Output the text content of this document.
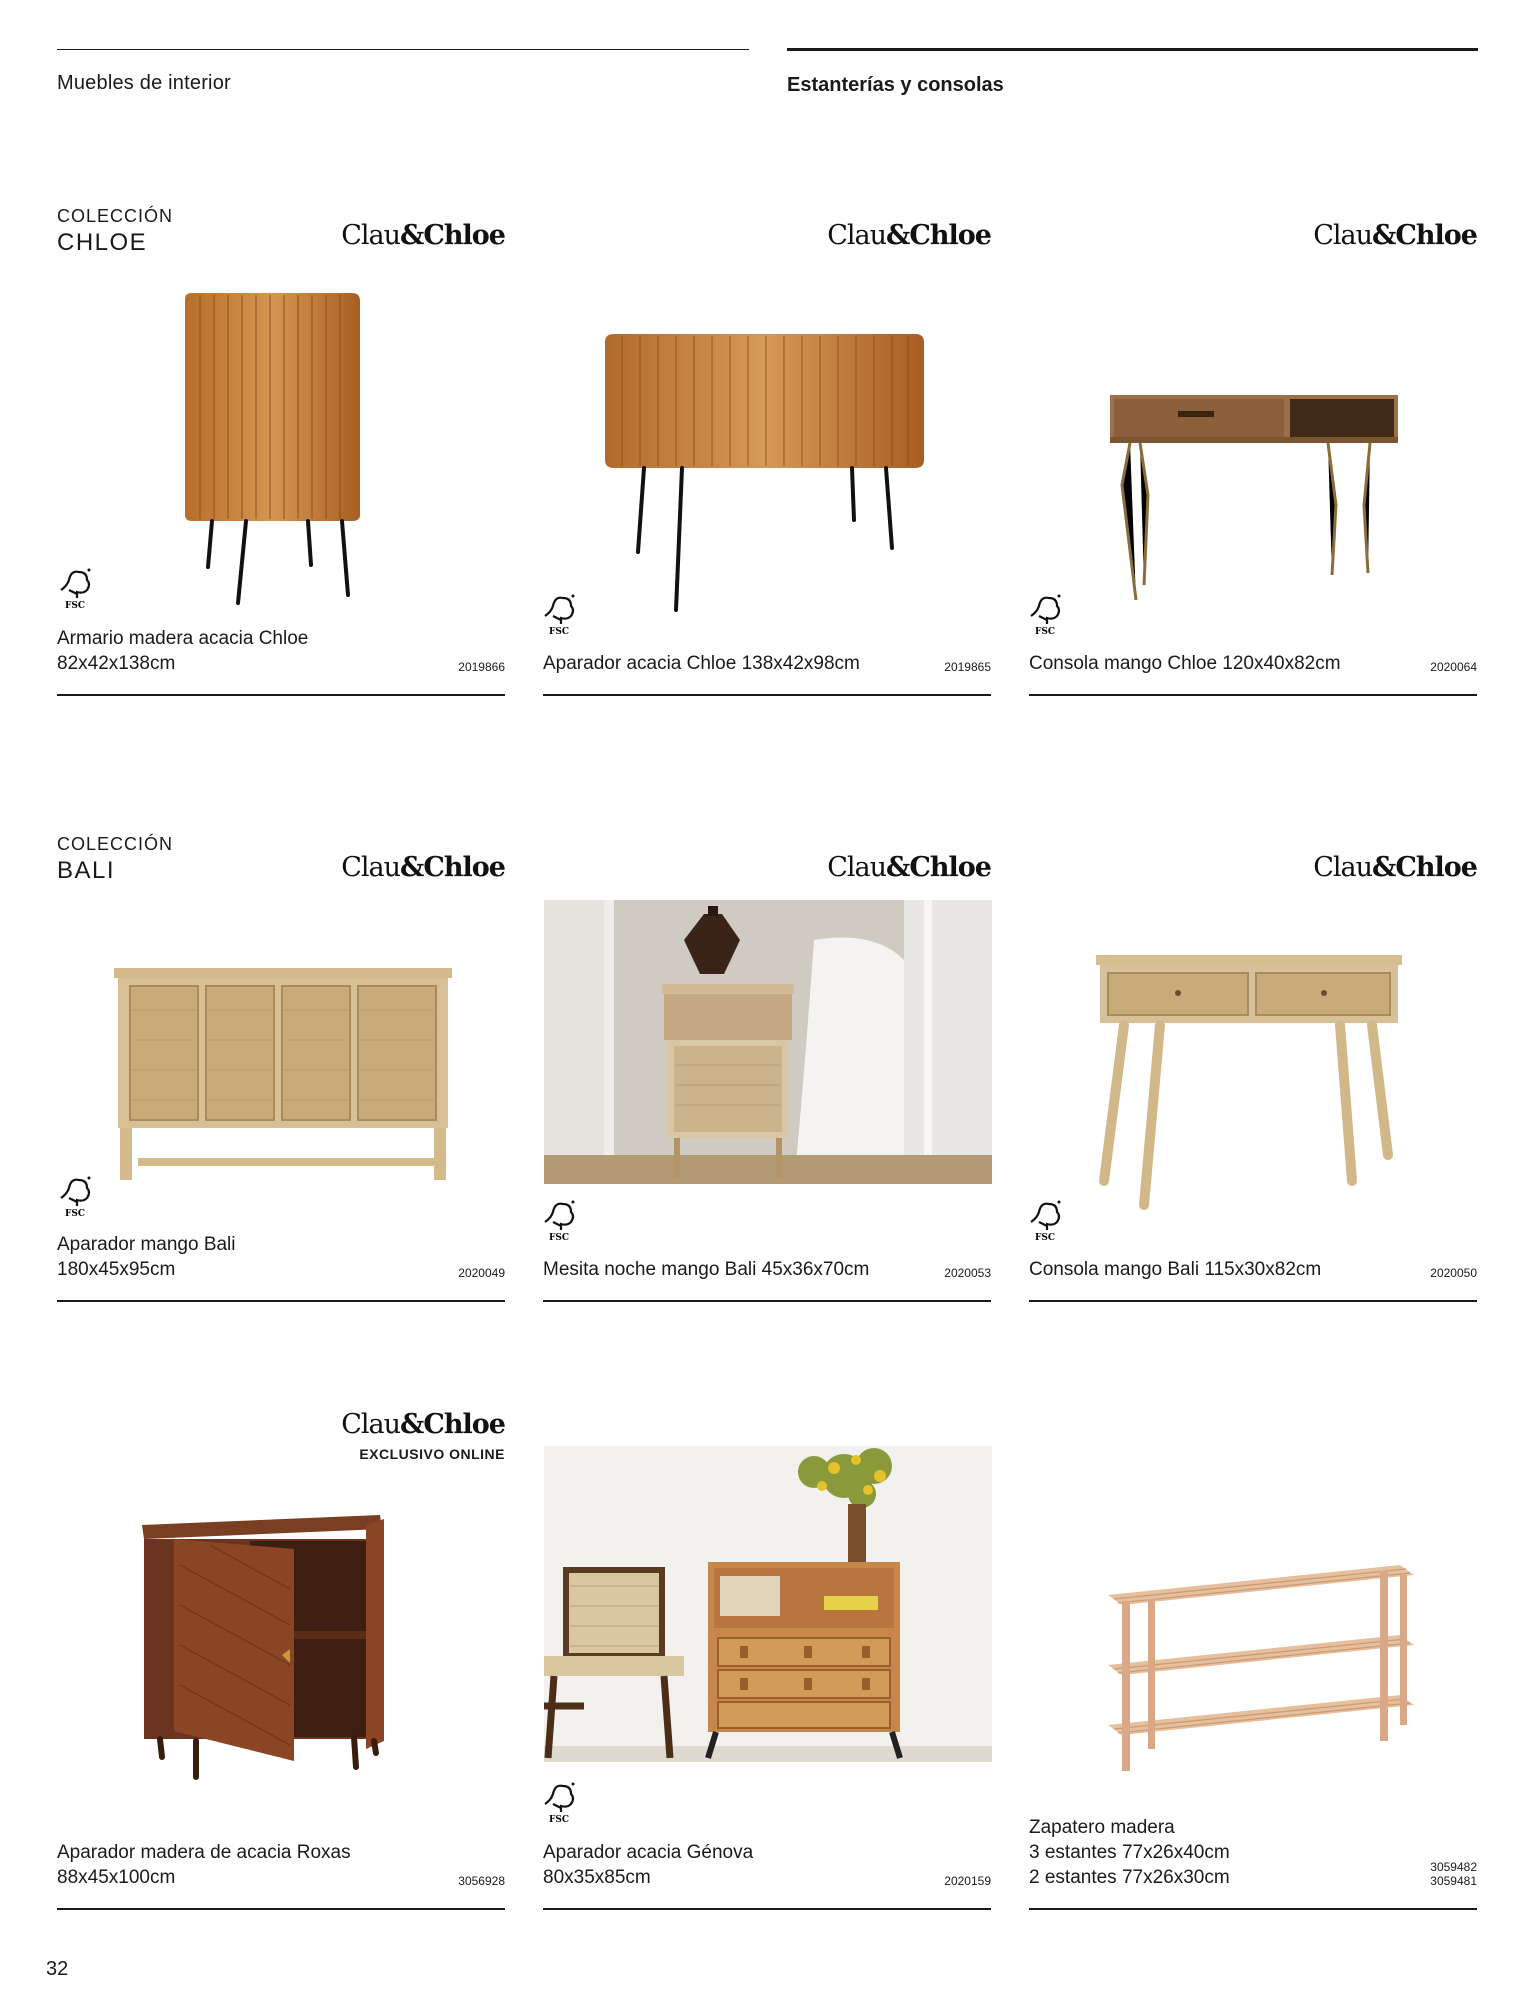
Muebles de interior	Estanterías y consolas
COLECCIÓN
CHLOE
COLECCIÓN
BALI
Clau&Chloe	Clau&Chloe	Clau&Chloe
Clau&Chloe	Clau&Chloe	Clau&Chloe
Clau&Chloe
EXCLUSIVO ONLINE
FSC
FSC	FSC
FSC
FSC	FSC
FSC
Armario madera acacia Chloe
82x42x138cm	2019866 Aparador acacia Chloe 138x42x98cm	2019865 Consola mango Chloe 120x40x82cm	2020064
Aparador mango Bali
180x45x95cm	2020049 Mesita noche mango Bali 45x36x70cm	2020053 Consola mango Bali 115x30x82cm	2020050
Aparador madera de acacia Roxas
88x45x100cm	3056928
Aparador acacia Génova
80x35x85cm	2020159
Zapatero madera
3 estantes 77x26x40cm
2 estantes 77x26x30cm	3059482
3059481
32
